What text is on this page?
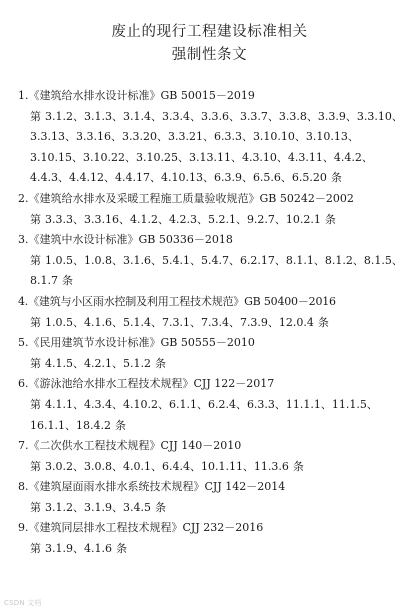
废止的现行工程建设标准相关
强制性条文
1.《建筑给水排水设计标准》GB 50015－2019
第 3.1.2、3.1.3、3.1.4、3.3.4、3.3.6、3.3.7、3.3.8、3.3.9、3.3.10、3.3.13、3.3.16、3.3.20、3.3.21、6.3.3、3.10.10、3.10.13、3.10.15、3.10.22、3.10.25、3.13.11、4.3.10、4.3.11、4.4.2、4.4.3、4.4.12、4.4.17、4.10.13、6.3.9、6.5.6、6.5.20 条
2.《建筑给水排水及采暖工程施工质量验收规范》GB 50242－2002
第 3.3.3、3.3.16、4.1.2、4.2.3、5.2.1、9.2.7、10.2.1 条
3.《建筑中水设计标准》GB 50336－2018
第 1.0.5、1.0.8、3.1.6、5.4.1、5.4.7、6.2.17、8.1.1、8.1.2、8.1.5、8.1.7 条
4.《建筑与小区雨水控制及利用工程技术规范》GB 50400－2016
第 1.0.5、4.1.6、5.1.4、7.3.1、7.3.4、7.3.9、12.0.4 条
5.《民用建筑节水设计标准》GB 50555－2010
第 4.1.5、4.2.1、5.1.2 条
6.《游泳池给水排水工程技术规程》CJJ 122－2017
第 4.1.1、4.3.4、4.10.2、6.1.1、6.2.4、6.3.3、11.1.1、11.1.5、16.1.1、18.4.2 条
7.《二次供水工程技术规程》CJJ 140－2010
第 3.0.2、3.0.8、4.0.1、6.4.4、10.1.11、11.3.6 条
8.《建筑屋面雨水排水系统技术规程》CJJ 142－2014
第 3.1.2、3.1.9、3.4.5 条
9.《建筑同层排水工程技术规程》CJJ 232－2016
第 3.1.9、4.1.6 条
CSDN 文档
